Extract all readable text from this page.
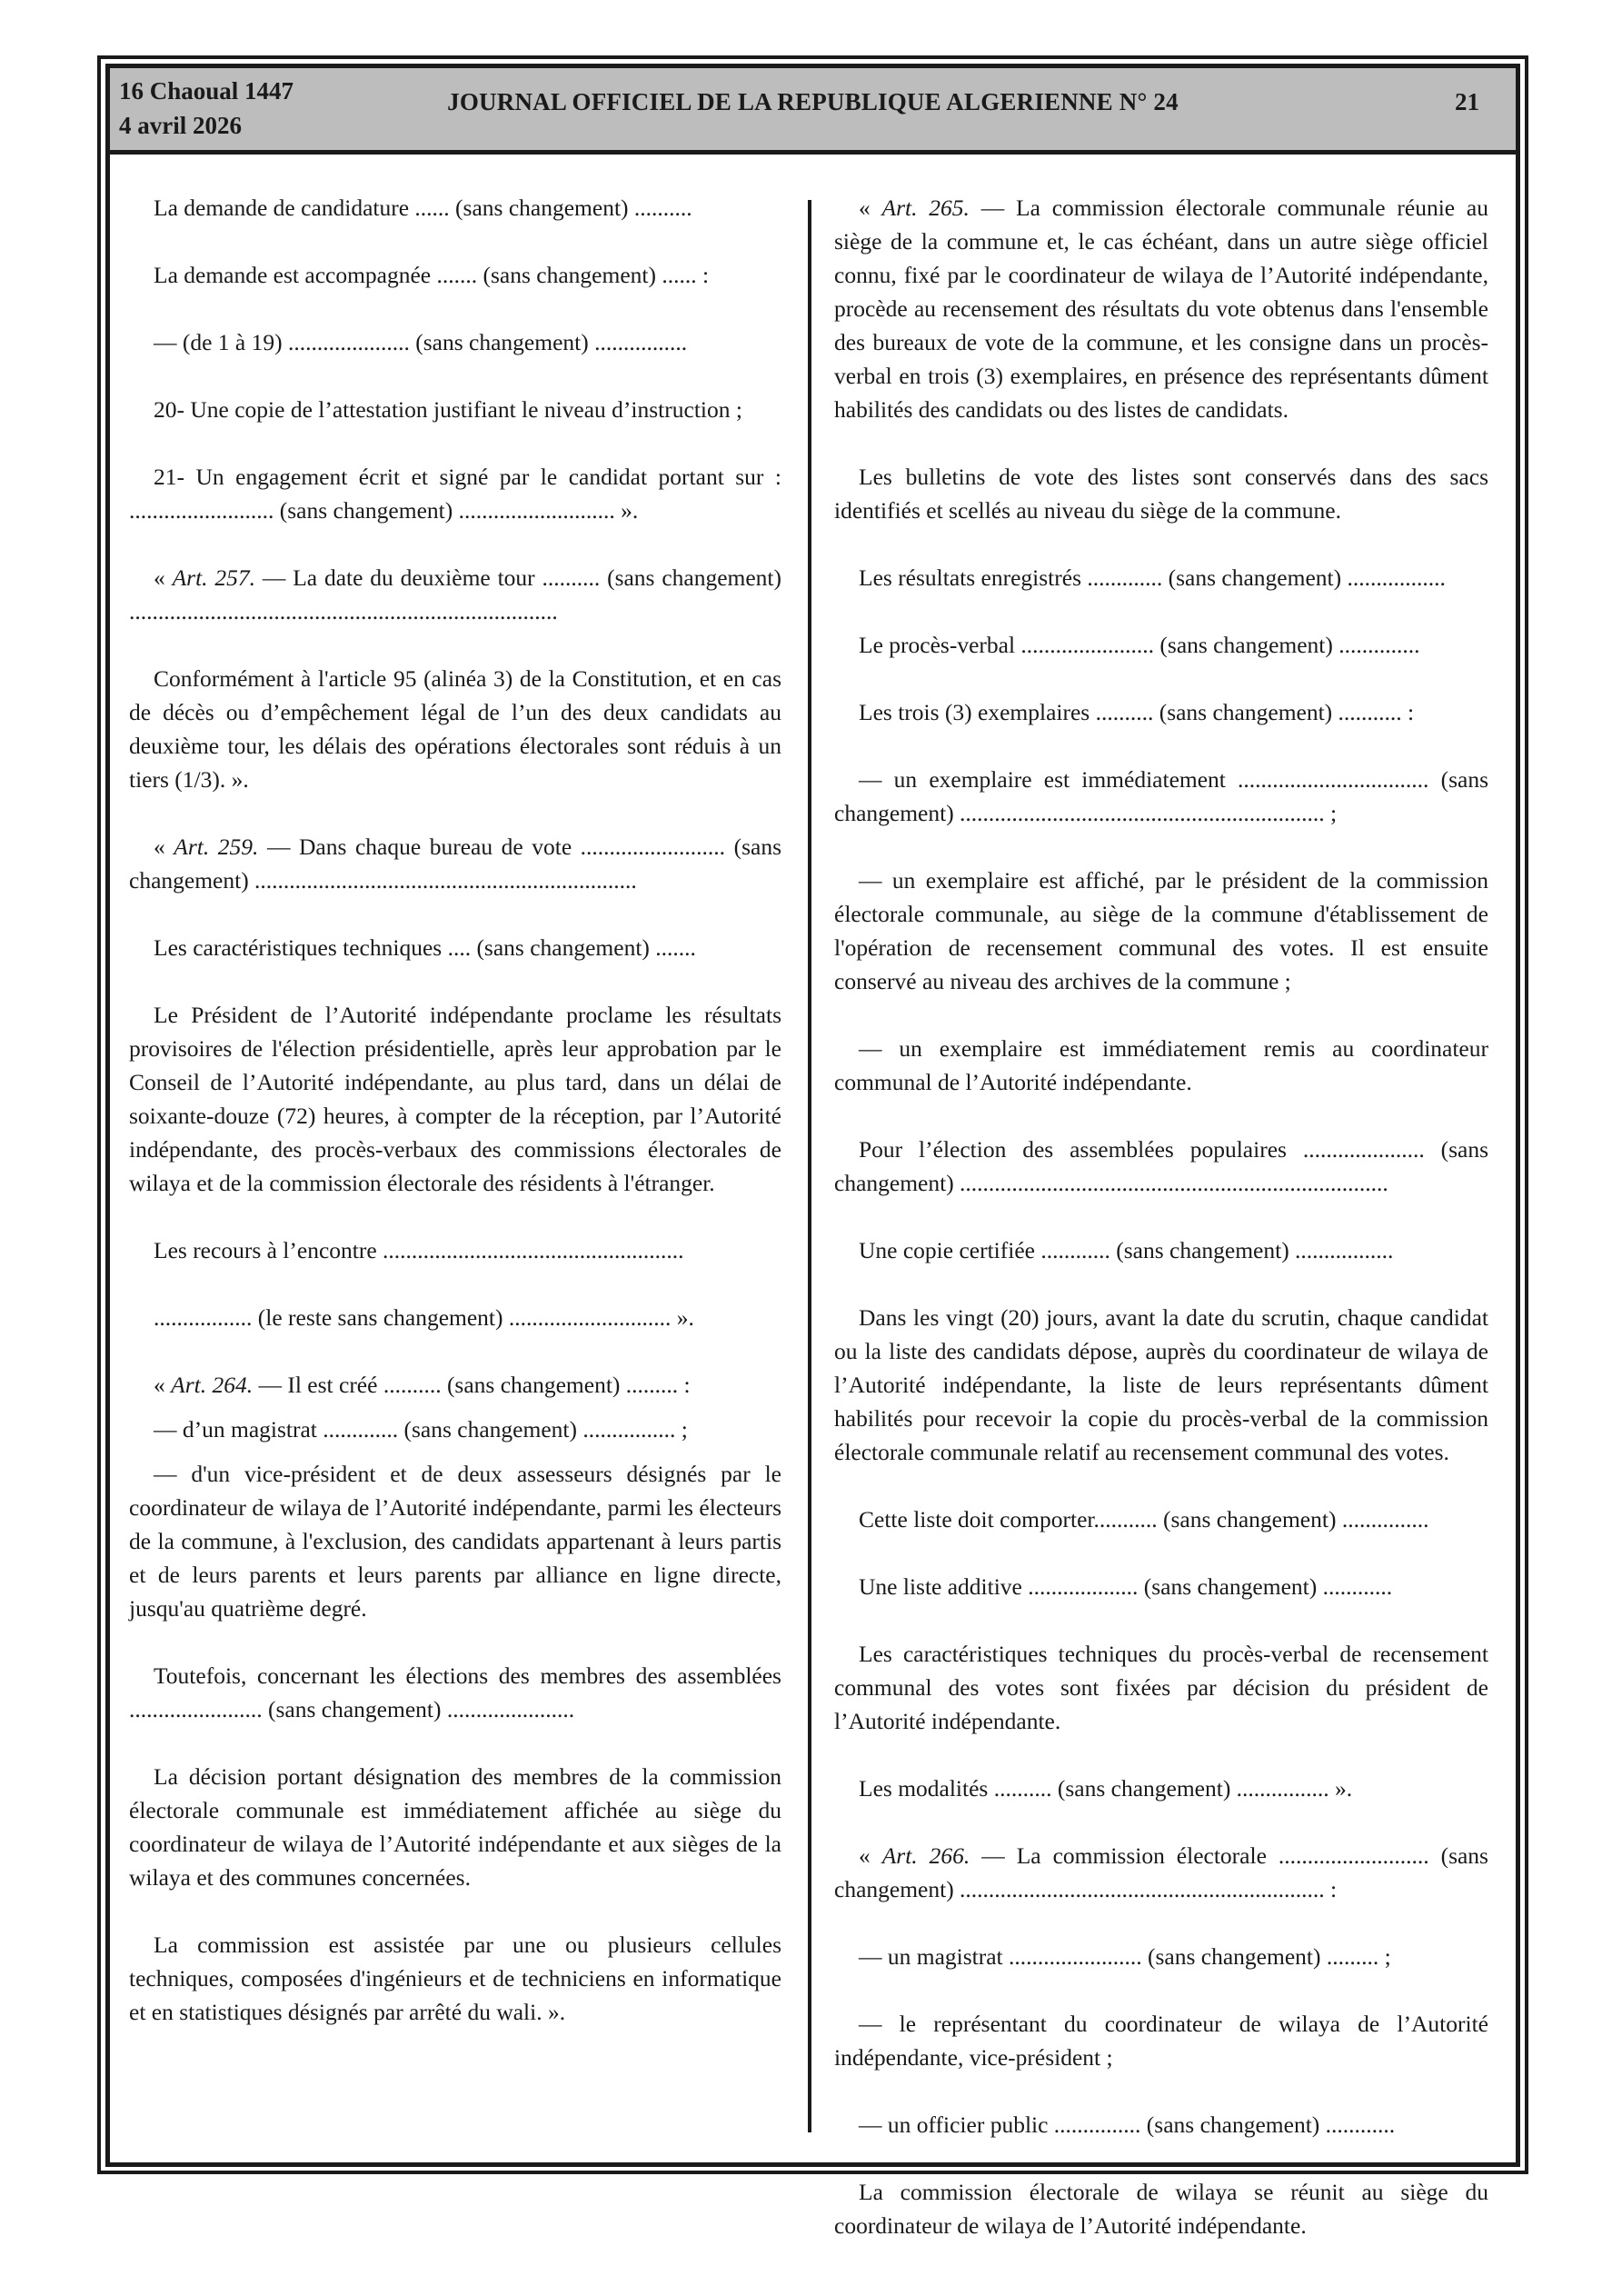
16 Chaoual 1447
4 avril 2026
JOURNAL OFFICIEL DE LA REPUBLIQUE ALGERIENNE N° 24	21

La demande de candidature ...... (sans changement) ..........

La demande est accompagnée ....... (sans changement) ...... :

— (de 1 à 19) ..................... (sans changement) ................

20- Une copie de l’attestation justifiant le niveau d’instruction ;

21- Un engagement écrit et signé par le candidat portant sur : ......................... (sans changement) ........................... ».

« Art. 257. — La date du deuxième tour .......... (sans changement) ..........................................................................

Conformément à l'article 95 (alinéa 3) de la Constitution, et en cas de décès ou d’empêchement légal de l’un des deux candidats au deuxième tour, les délais des opérations électorales sont réduis à un tiers (1/3). ».

« Art. 259. — Dans chaque bureau de vote ......................... (sans changement) ..................................................................

Les caractéristiques techniques .... (sans changement) .......

Le Président de l’Autorité indépendante proclame les résultats provisoires de l'élection présidentielle, après leur approbation par le Conseil de l’Autorité indépendante, au plus tard, dans un délai de soixante-douze (72) heures, à compter de la réception, par l’Autorité indépendante, des procès-verbaux des commissions électorales de wilaya et de la commission électorale des résidents à l'étranger.

Les recours à l’encontre ....................................................

................. (le reste sans changement) ............................ ».

« Art. 264. — Il est créé .......... (sans changement) ......... :

— d’un magistrat ............. (sans changement) ................ ;

— d'un vice-président et de deux assesseurs désignés par le coordinateur de wilaya de l’Autorité indépendante, parmi les électeurs de la commune, à l'exclusion, des candidats appartenant à leurs partis et de leurs parents et leurs parents par alliance en ligne directe, jusqu'au quatrième degré.

Toutefois, concernant les élections des membres des assemblées ....................... (sans changement) ......................

La décision portant désignation des membres de la commission électorale communale est immédiatement affichée au siège du coordinateur de wilaya de l’Autorité indépendante et aux sièges de la wilaya et des communes concernées.

La commission est assistée par une ou plusieurs cellules techniques, composées d'ingénieurs et de techniciens en informatique et en statistiques désignés par arrêté du wali. ».

« Art. 265. — La commission électorale communale réunie au siège de la commune et, le cas échéant, dans un autre siège officiel connu, fixé par le coordinateur de wilaya de l’Autorité indépendante, procède au recensement des résultats du vote obtenus dans l'ensemble des bureaux de vote de la commune, et les consigne dans un procès-verbal en trois (3) exemplaires, en présence des représentants dûment habilités des candidats ou des listes de candidats.

Les bulletins de vote des listes sont conservés dans des sacs identifiés et scellés au niveau du siège de la commune.

Les résultats enregistrés ............. (sans changement) .................

Le procès-verbal ....................... (sans changement) ..............

Les trois (3) exemplaires .......... (sans changement) ........... :

— un exemplaire est immédiatement ................................. (sans changement) ............................................................... ;

— un exemplaire est affiché, par le président de la commission électorale communale, au siège de la commune d'établissement de l'opération de recensement communal des votes. Il est ensuite conservé au niveau des archives de la commune ;

— un exemplaire est immédiatement remis au coordinateur communal de l’Autorité indépendante.

Pour l’élection des assemblées populaires ..................... (sans changement) ..........................................................................

Une copie certifiée ............ (sans changement) .................

Dans les vingt (20) jours, avant la date du scrutin, chaque candidat ou la liste des candidats dépose, auprès du coordinateur de wilaya de l’Autorité indépendante, la liste de leurs représentants dûment habilités pour recevoir la copie du procès-verbal de la commission électorale communale relatif au recensement communal des votes.

Cette liste doit comporter........... (sans changement) ...............

Une liste additive ................... (sans changement) ............

Les caractéristiques techniques du procès-verbal de recensement communal des votes sont fixées par décision du président de l’Autorité indépendante.

Les modalités .......... (sans changement) ................ ».

« Art. 266. — La commission électorale .......................... (sans changement) ............................................................... :

— un magistrat ....................... (sans changement) ......... ;

— le représentant du coordinateur de wilaya de l’Autorité indépendante, vice-président ;

— un officier public ............... (sans changement) ............

La commission électorale de wilaya se réunit au siège du coordinateur de wilaya de l’Autorité indépendante.
